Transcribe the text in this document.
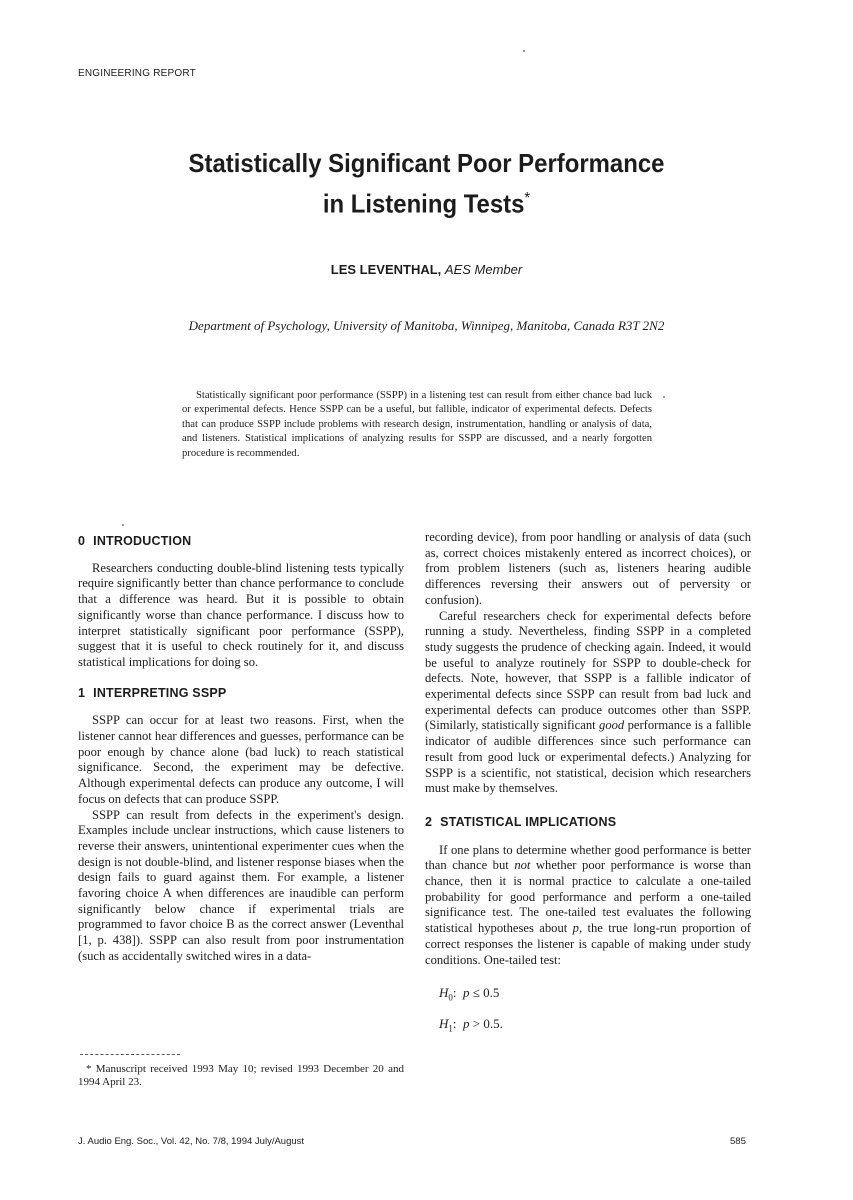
ENGINEERING REPORT
Statistically Significant Poor Performance
in Listening Tests*
LES LEVENTHAL, AES Member
Department of Psychology, University of Manitoba, Winnipeg, Manitoba, Canada R3T 2N2

Statistically significant poor performance (SSPP) in a listening test can result from either chance bad luck or experimental defects. Hence SSPP can be a useful, but fallible, indicator of experimental defects. Defects that can produce SSPP include problems with research design, instrumentation, handling or analysis of data, and listeners. Statistical implications of analyzing results for SSPP are discussed, and a nearly forgotten procedure is recommended.

0 INTRODUCTION

Researchers conducting double-blind listening tests typically require significantly better than chance performance to conclude that a difference was heard. But it is possible to obtain significantly worse than chance performance. I discuss how to interpret statistically significant poor performance (SSPP), suggest that it is useful to check routinely for it, and discuss statistical implications for doing so.

1 INTERPRETING SSPP

SSPP can occur for at least two reasons. First, when the listener cannot hear differences and guesses, performance can be poor enough by chance alone (bad luck) to reach statistical significance. Second, the experiment may be defective. Although experimental defects can produce any outcome, I will focus on defects that can produce SSPP.

SSPP can result from defects in the experiment's design. Examples include unclear instructions, which cause listeners to reverse their answers, unintentional experimenter cues when the design is not double-blind, and listener response biases when the design fails to guard against them. For example, a listener favoring choice A when differences are inaudible can perform significantly below chance if experimental trials are programmed to favor choice B as the correct answer (Leventhal [1, p. 438]). SSPP can also result from poor instrumentation (such as accidentally switched wires in a data-

recording device), from poor handling or analysis of data (such as, correct choices mistakenly entered as incorrect choices), or from problem listeners (such as, listeners hearing audible differences reversing their answers out of perversity or confusion).

Careful researchers check for experimental defects before running a study. Nevertheless, finding SSPP in a completed study suggests the prudence of checking again. Indeed, it would be useful to analyze routinely for SSPP to double-check for defects. Note, however, that SSPP is a fallible indicator of experimental defects since SSPP can result from bad luck and experimental defects can produce outcomes other than SSPP. (Similarly, statistically significant good performance is a fallible indicator of audible differences since such performance can result from good luck or experimental defects.) Analyzing for SSPP is a scientific, not statistical, decision which researchers must make by themselves.

2 STATISTICAL IMPLICATIONS

If one plans to determine whether good performance is better than chance but not whether poor performance is worse than chance, then it is normal practice to calculate a one-tailed probability for good performance and perform a one-tailed significance test. The one-tailed test evaluates the following statistical hypotheses about p, the true long-run proportion of correct responses the listener is capable of making under study conditions. One-tailed test:

$H_0$: p ≤ 0.5
$H_1$: p > 0.5.

* Manuscript received 1993 May 10; revised 1993 December 20 and 1994 April 23.

J. Audio Eng. Soc., Vol. 42, No. 7/8, 1994 July/August	585
